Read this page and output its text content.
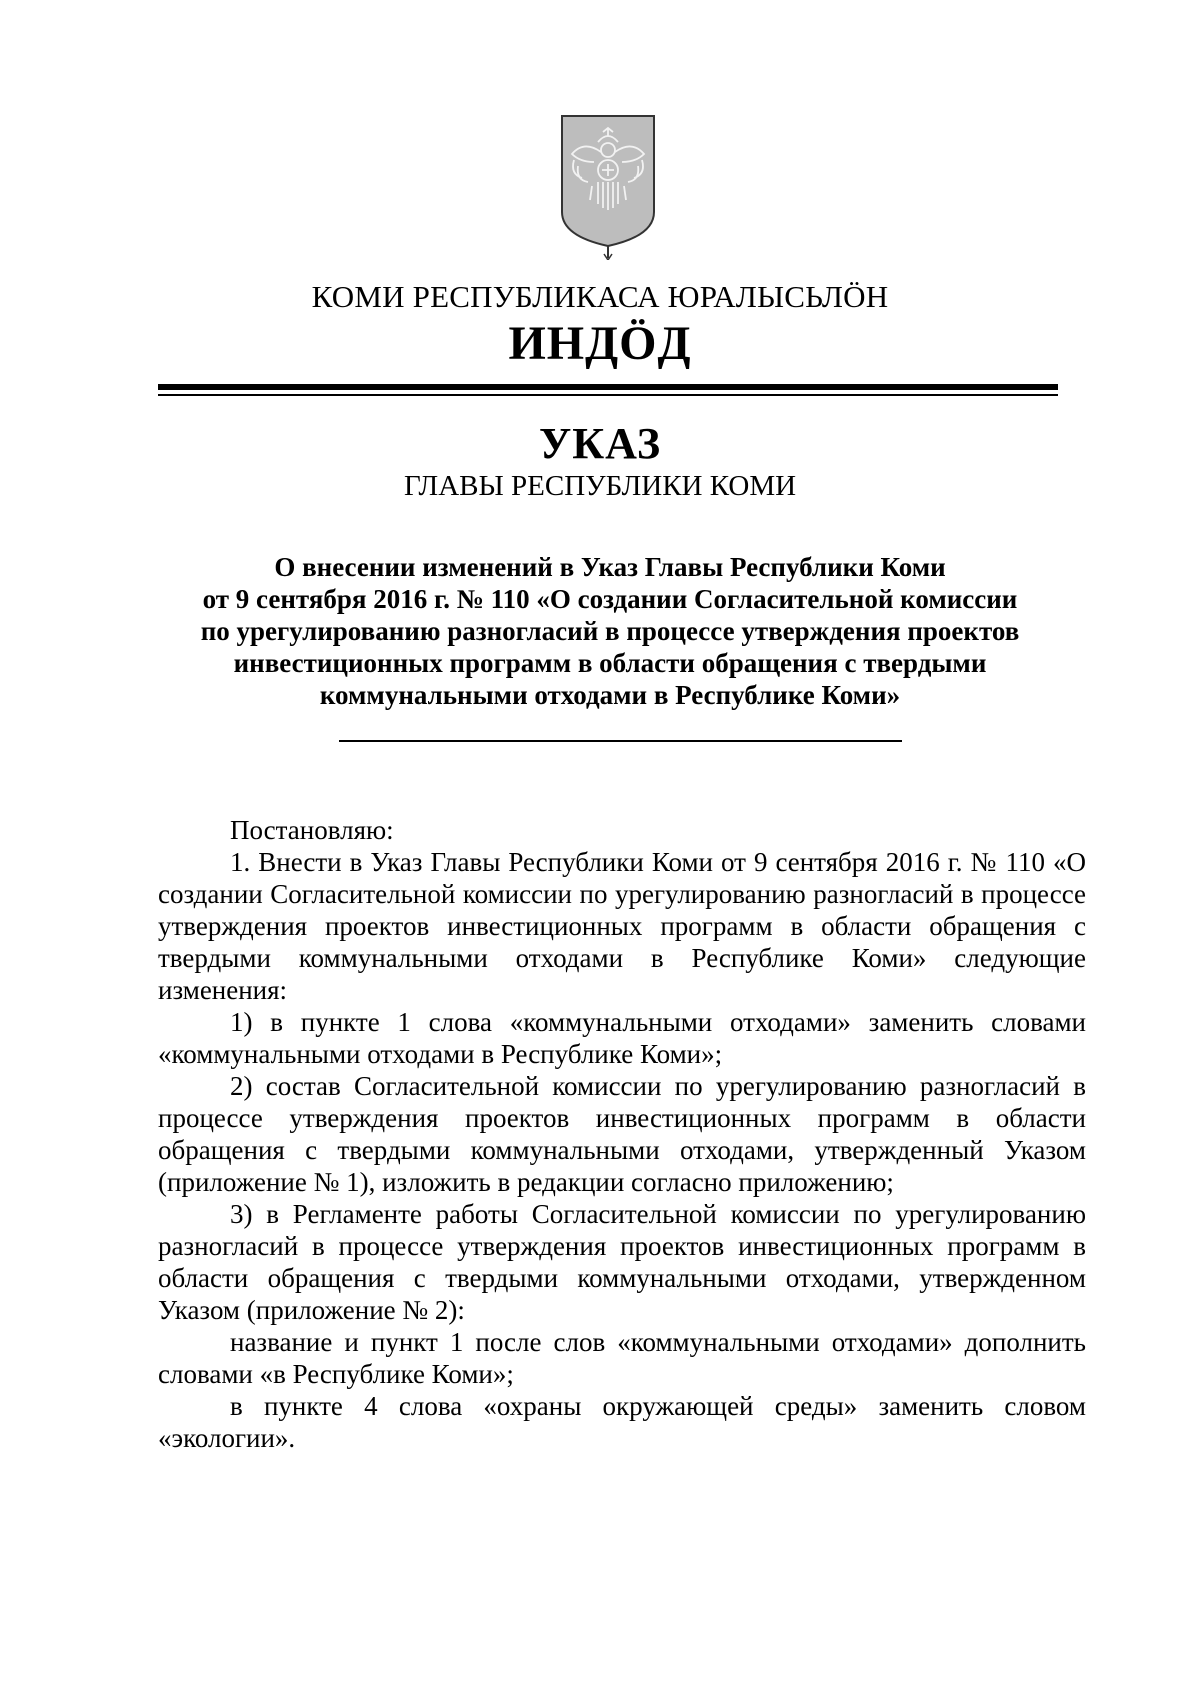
КОМИ РЕСПУБЛИКАСА ЮРАЛЫСЬЛӦН
ИНДӦД
УКАЗ
ГЛАВЫ РЕСПУБЛИКИ КОМИ
О внесении изменений в Указ Главы Республики Коми
от 9 сентября 2016 г. № 110 «О создании Согласительной комиссии
по урегулированию разногласий в процессе утверждения проектов
инвестиционных программ в области обращения с твердыми
коммунальными отходами в Республике Коми»

Постановляю:

1. Внести в Указ Главы Республики Коми от 9 сентября 2016 г. № 110 «О создании Согласительной комиссии по урегулированию разногласий в процессе утверждения проектов инвестиционных программ в области обращения с твердыми коммунальными отходами в Республике Коми» следующие изменения:

1) в пункте 1 слова «коммунальными отходами» заменить словами «коммунальными отходами в Республике Коми»;

2) состав Согласительной комиссии по урегулированию разногласий в процессе утверждения проектов инвестиционных программ в области обращения с твердыми коммунальными отходами, утвержденный Указом (приложение № 1), изложить в редакции согласно приложению;

3) в Регламенте работы Согласительной комиссии по урегулированию разногласий в процессе утверждения проектов инвестиционных программ в области обращения с твердыми коммунальными отходами, утвержденном Указом (приложение № 2):

название и пункт 1 после слов «коммунальными отходами» дополнить словами «в Республике Коми»;

в пункте 4 слова «охраны окружающей среды» заменить словом «экологии».
